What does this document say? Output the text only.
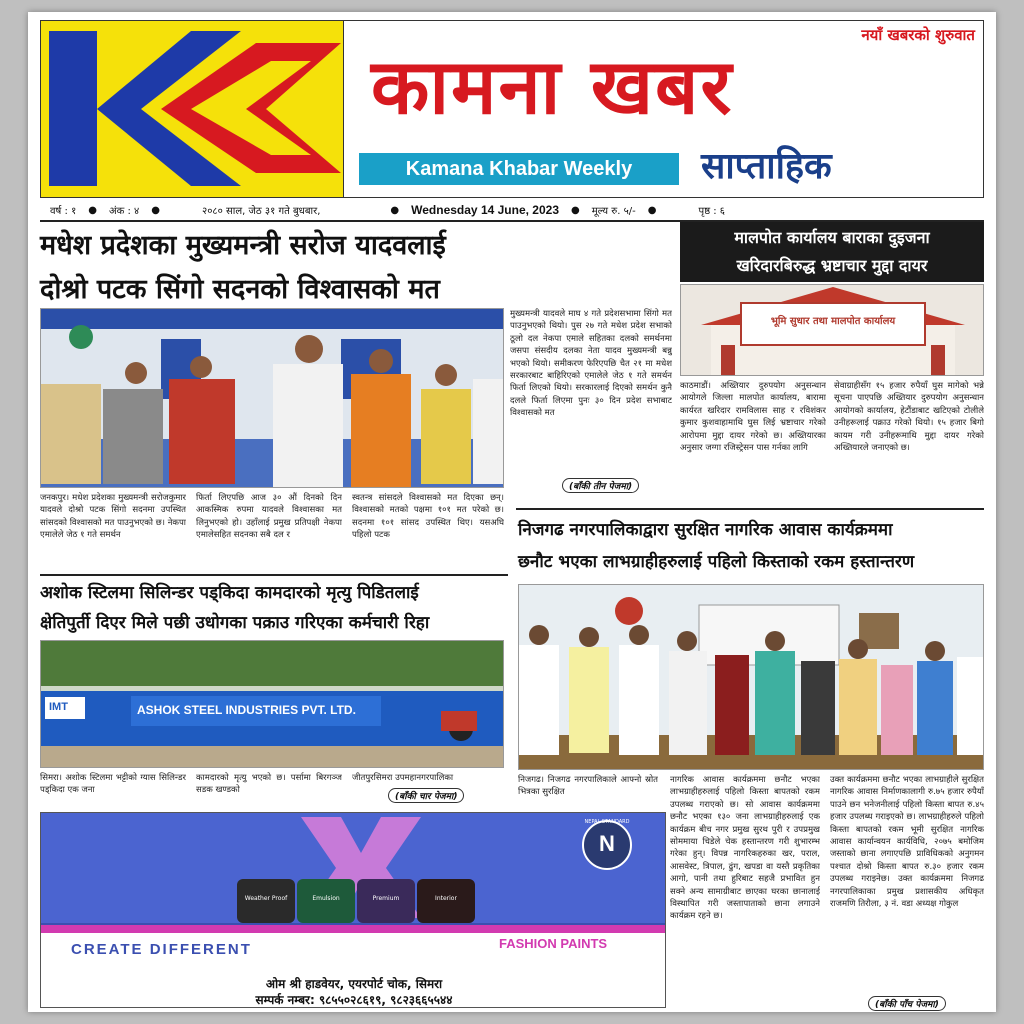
नयाँ खबरको शुरुवात
कामना खबर
Kamana Khabar Weekly	साप्ताहिक
वर्ष : १	●	अंक : ४	●	२०८० साल, जेठ ३१ गते बुधबार,	●	Wednesday 14 June, 2023	●	मूल्य रु. ५/-	●	पृष्ठ : ६
मधेश प्रदेशका मुख्यमन्त्री सरोज यादवलाई
दोश्रो पटक सिंगो सदनको विश्वासको मत
जनकपुर। मधेश प्रदेशका मुख्यमन्त्री सरोजकुमार यादवले दोश्रो पटक सिंगो सदनमा उपस्थित सांसदको विश्वासको मत पाउनुभएको छ। नेकपा एमालेले जेठ १ गते समर्थन
फिर्ता लिएपछि आज ३० औं दिनको दिन आकस्मिक रुपमा यादवले विश्वासका मत लिनुभएको हो। उहाँलाई प्रमुख प्रतिपक्षी नेकपा एमालेसहित सदनका सबै दल र
स्वतन्त्र सांसदले विश्वासको मत दिएका छन्। विश्वासको मतको पक्षमा १०१ मत परेको छ। सदनमा १०१ सांसद उपस्थित थिए। यसअघि पहिलो पटक
मुख्यमन्त्री यादवले माघ ४ गते प्रदेशसभामा सिंगो मत पाउनुभएको थियो। पुस २७ गते मधेश प्रदेश सभाको ठूलो दल नेकपा एमाले सहितका दलको समर्थनमा जसपा संसदीय दलका नेता यादव मुख्यमन्त्री बन्नु भएको थियो। समीकरण फेरिएपछि चैत २१ मा मधेश सरकारबाट बाहिरिएको एमालेले जेठ १ गते समर्थन फिर्ता लिएको थियो। सरकारलाई दिएको समर्थन कुनै दलले फिर्ता लिएमा पुनः ३० दिन प्रदेश सभाबाट विश्वासको मत
(बाँकी तीन पेजमा)
मालपोत कार्यालय बाराका दुइजना
खरिदारबिरुद्ध भ्रष्टाचार मुद्दा दायर
भूमि सुधार तथा मालपोत कार्यालय
काठमाडौं। अख्तियार दुरुपयोग अनुसन्धान आयोगले जिल्ला मालपोत कार्यालय, बारामा कार्यरत खरिदार रामविलास साह र रविशंकर कुमार कुशवाहामाथि घुस लिई भ्रष्टाचार गरेको आरोपमा मुद्दा दायर गरेको छ। अख्तियारका अनुसार जग्गा रजिस्ट्रेसन पास गर्नका लागि
सेवाग्राहीसँग १५ हजार रुपैयाँ घुस मागेको भन्ने सूचना पाएपछि अख्तियार दुरुपयोग अनुसन्धान आयोगको कार्यालय, हेटौंडाबाट खटिएको टोलीले उनीहरूलाई पक्राउ गरेको थियो। १५ हजार बिगो कायम गरी उनीहरूमाथि मुद्दा दायर गरेको अख्तियारले जनाएको छ।
अशोक स्टिलमा सिलिन्डर पड्किदा कामदारको मृत्यु पिडितलाई
क्षेतिपुर्ती दिएर मिले पछी उधोगका पक्राउ गरिएका कर्मचारी रिहा
ASHOK STEEL INDUSTRIES PVT. LTD.
IMT
सिमरा। अशोक स्टिलमा भट्टीको ग्यास सिलिन्डर पड्किदा एक जना
कामदारको मृत्यु भएको छ। पर्सामा बिरगञ्ज सडक खण्डको
जीतपुरसिमरा उपमहानगरपालिका
(बाँकी चार पेजमा)
निजगढ नगरपालिकाद्वारा सुरक्षित नागरिक आवास कार्यक्रममा
छनौट भएका लाभग्राहीहरुलाई पहिलो किस्ताको रकम हस्तान्तरण
निजगढ। निजगढ नगरपालिकाले आफ्नो स्रोत भित्रका सुरक्षित
नागरिक आवास कार्यक्रममा छनौट भएका लाभग्राहीहरुलाई पहिलो किस्ता बापतको रकम उपलब्ध गराएको छ। सो आवास कार्यक्रममा छनौट भएका १३० जना लाभग्राहीहरुलाई एक कार्यक्रम बीच नगर प्रमुख सुरथ पुरी र उपप्रमुख सोममाया चिडेले चेक हस्तान्तरण गरी शुभारम्भ गरेका हुन्। विपन्न नागरिकहरुका खर, पराल, आसवेस्ट, त्रिपाल, ढुंग, खपडा वा यस्तै प्रकृतिका आगो, पानी तथा हुरिबाट सहजै प्रभावित हुन सक्ने अन्य सामाग्रीबाट छाएका घरका छानालाई विस्थापित गरी जस्तापाताको छाना लगाउने कार्यक्रम रहने छ।
उक्त कार्यक्रममा छनौट भएका लाभग्राहीले सुरक्षित नागरिक आवास निर्माणकालागी रु.७५ हजार रुपैयाँ पाउने छन भनेजनीलाई पहिलो किस्ता बापत रु.४५ हजार उपलब्ध गराइएको छ। लाभग्राहीहरुले पहिलो किस्ता बापतको रकम भूमी सुरक्षित नागरिक आवास कार्यान्वयन कार्यविधि, २०७५ बमोजिम जस्ताको छाना लगाएपछि प्राविधिकको अनुगमन पश्चात दोश्रो किस्ता बापत रु.३० हजार रकम उपलब्ध गराइनेछ। उक्त कार्यक्रममा निजगढ नगरपालिकाका प्रमुख प्रशासकीय अधिकृत राजमणि तिरौला, ३ नं. वडा अध्यक्ष गोकुल
(बाँकी पाँच पेजमा)
Weather Proof	Emulsion	Premium	Interior
NEPAL STANDARD
N
CREATE DIFFERENT	FASHION PAINTS
ओम श्री हाडवेयर, एयरपोर्ट चोक, सिमरा
सम्पर्क नम्बर: ९८५५०२८६१९, ९८२३६६५५४४
